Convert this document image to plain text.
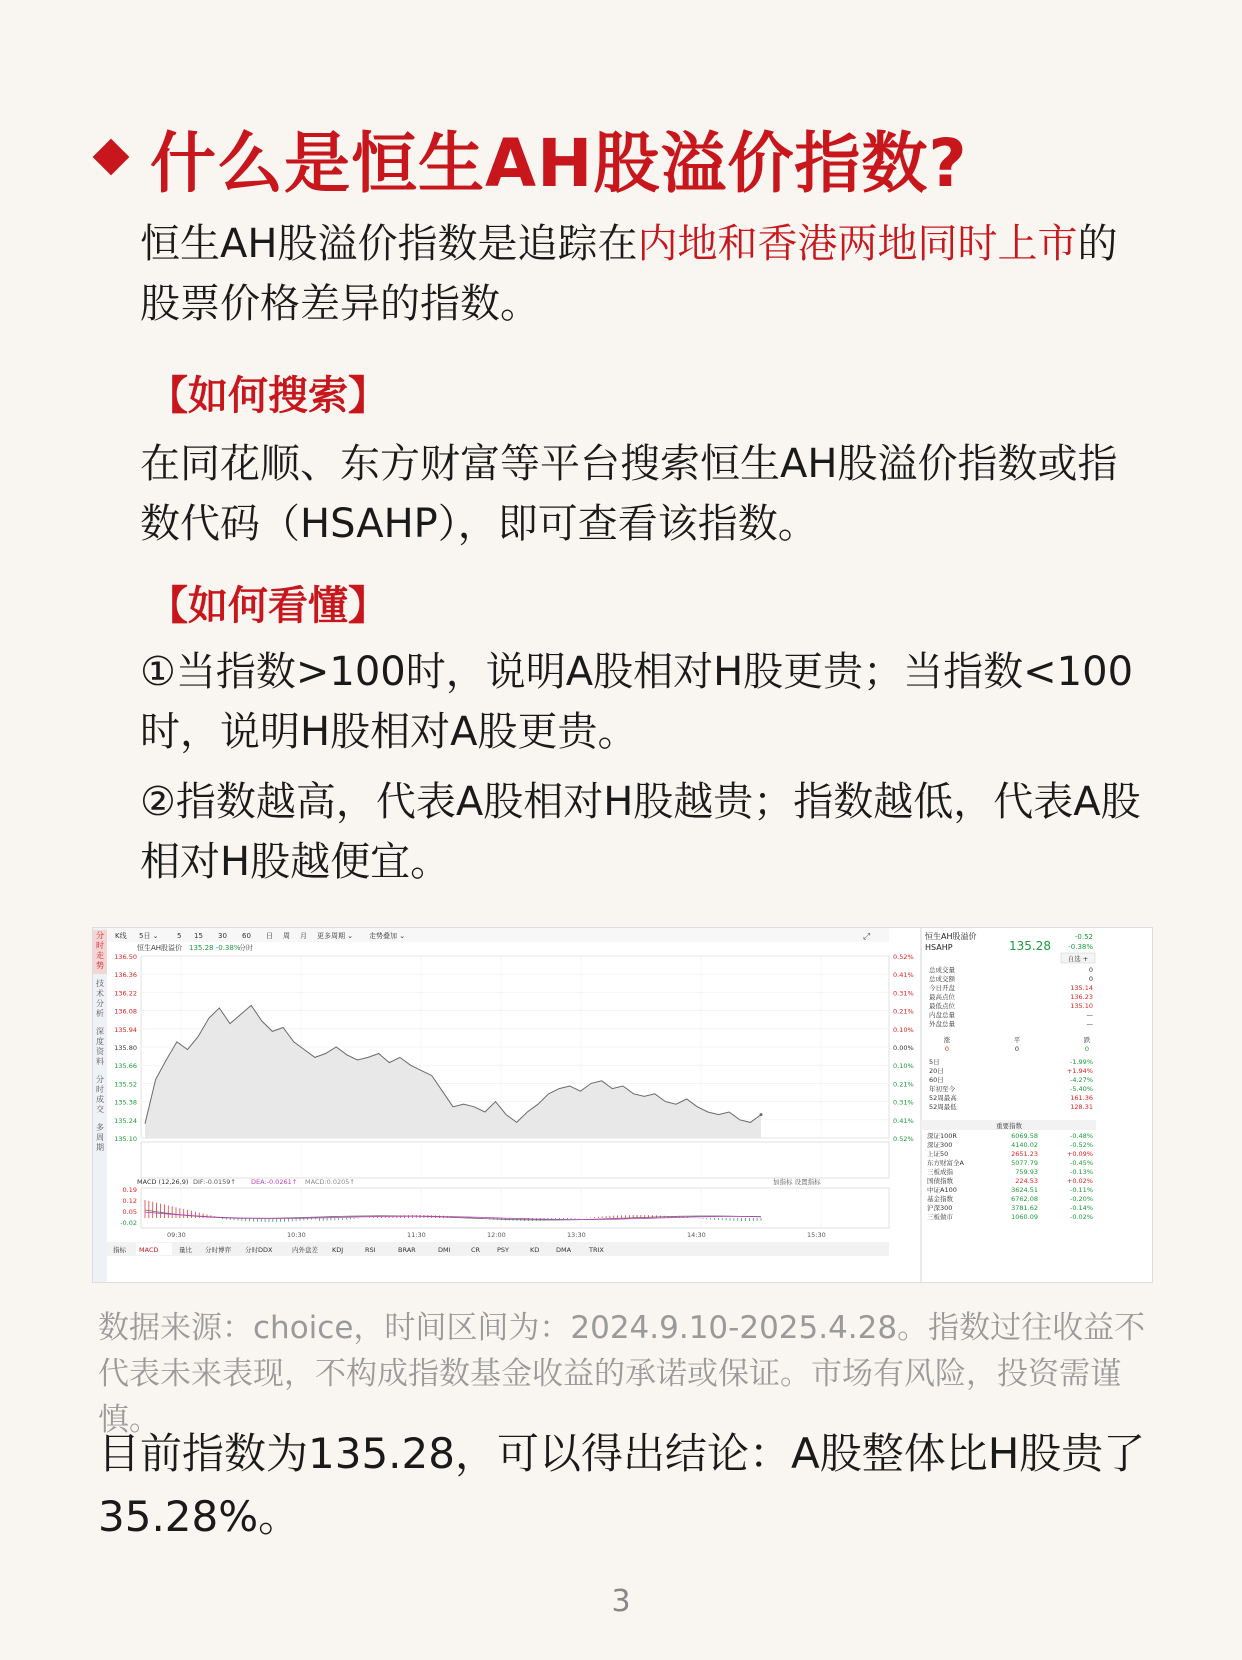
什么是恒生AH股溢价指数?
恒生AH股溢价指数是追踪在内地和香港两地同时上市的股票价格差异的指数。
【如何搜索】
在同花顺、东方财富等平台搜索恒生AH股溢价指数或指数代码（HSAHP），即可查看该指数。
【如何看懂】
①当指数>100时，说明A股相对H股更贵；当指数<100时，说明H股相对A股更贵。
②指数越高，代表A股相对H股越贵；指数越低，代表A股相对H股越便宜。
分
时
走
势
技
术
分
析
深
度
资
料
分
时
成
交
多
周
期
K线 5日 ⌄	5 15 30 60 日 周 月 更多周期 ⌄ 走势叠加 ⌄	⤢
恒生AH股溢价 135.28 -0.38%
分时
136.50	0.52%
136.36	0.41%
136.22	0.31%
136.08	0.21%
135.94	0.10%
135.80	0.00%
135.66	0.10%
135.52	0.21%
135.38	0.31%
135.24	0.41%
135.10	0.52%
MACD (12,26,9) DIF:-0.0159↑ DEA:-0.0261↑ MACD:0.0205↑	加指标 设置指标
0.19
0.12
0.05
-0.02
09:30	10:30	11:30	12:00	13:30	14:30	15:30
指标 MACD	量比 分时博弈 分时DDX	内外盘差 KDJ	RSI	BRAR	DMI	CR	PSY	KD	DMA	TRIX
恒生AH股溢价
HSAHP	135.28
-0.52
-0.38%
自选 +
总成交量	0
总成交额	0
今日开盘	135.14
最高点位	136.23
最低点位	135.10
内盘总量	—
外盘总量	—
涨	平	跌
0	0	0
5日	-1.99%
20日	+1.94%
60日	-4.27%
年初至今	-5.40%
52周最高	161.36
52周最低	128.31
重要指数
深证100R	6069.58	-0.48%
深证300	4140.02	-0.52%
上证50	2651.23	+0.09%
东方财富全A	5077.79	-0.45%
三板成指	759.93	-0.13%
国债指数	224.53	+0.02%
中证A100	3624.51	-0.11%
基金指数	6762.08	-0.20%
沪深300	3781.62	-0.14%
三板做市	1060.09	-0.02%
数据来源：choice，时间区间为：2024.9.10-2025.4.28。指数过往收益不代表未来表现，不构成指数基金收益的承诺或保证。市场有风险，投资需谨慎。
目前指数为135.28，可以得出结论：A股整体比H股贵了35.28%。
3
